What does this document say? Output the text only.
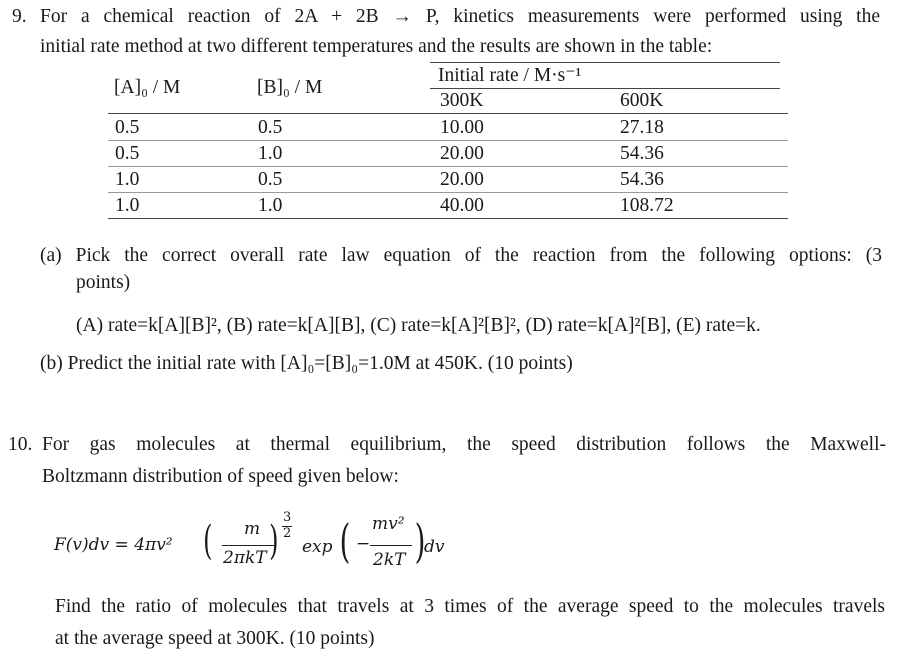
9. For a chemical reaction of 2A + 2B → P, kinetics measurements were performed using the
initial rate method at two different temperatures and the results are shown in the table:
[A]₀ / M	[B]₀ / M
Initial rate / M·s⁻¹
300K	600K
0.5	0.5	10.00	27.18
0.5	1.0	20.00	54.36
1.0	0.5	20.00	54.36
1.0	1.0	40.00	108.72
(a) Pick the correct overall rate law equation of the reaction from the following options: (3
points)
(A) rate=k[A][B]², (B) rate=k[A][B], (C) rate=k[A]²[B]², (D) rate=k[A]²[B], (E) rate=k.
(b) Predict the initial rate with [A]₀=[B]₀=1.0M at 450K. (10 points)
10. For gas molecules at thermal equilibrium, the speed distribution follows the Maxwell-
Boltzmann distribution of speed given below:
F(v)dv = 4πv² ( m
2πkT )
3
2
exp ( −
mv²
2kT )
dv
Find the ratio of molecules that travels at 3 times of the average speed to the molecules travels
at the average speed at 300K. (10 points)
